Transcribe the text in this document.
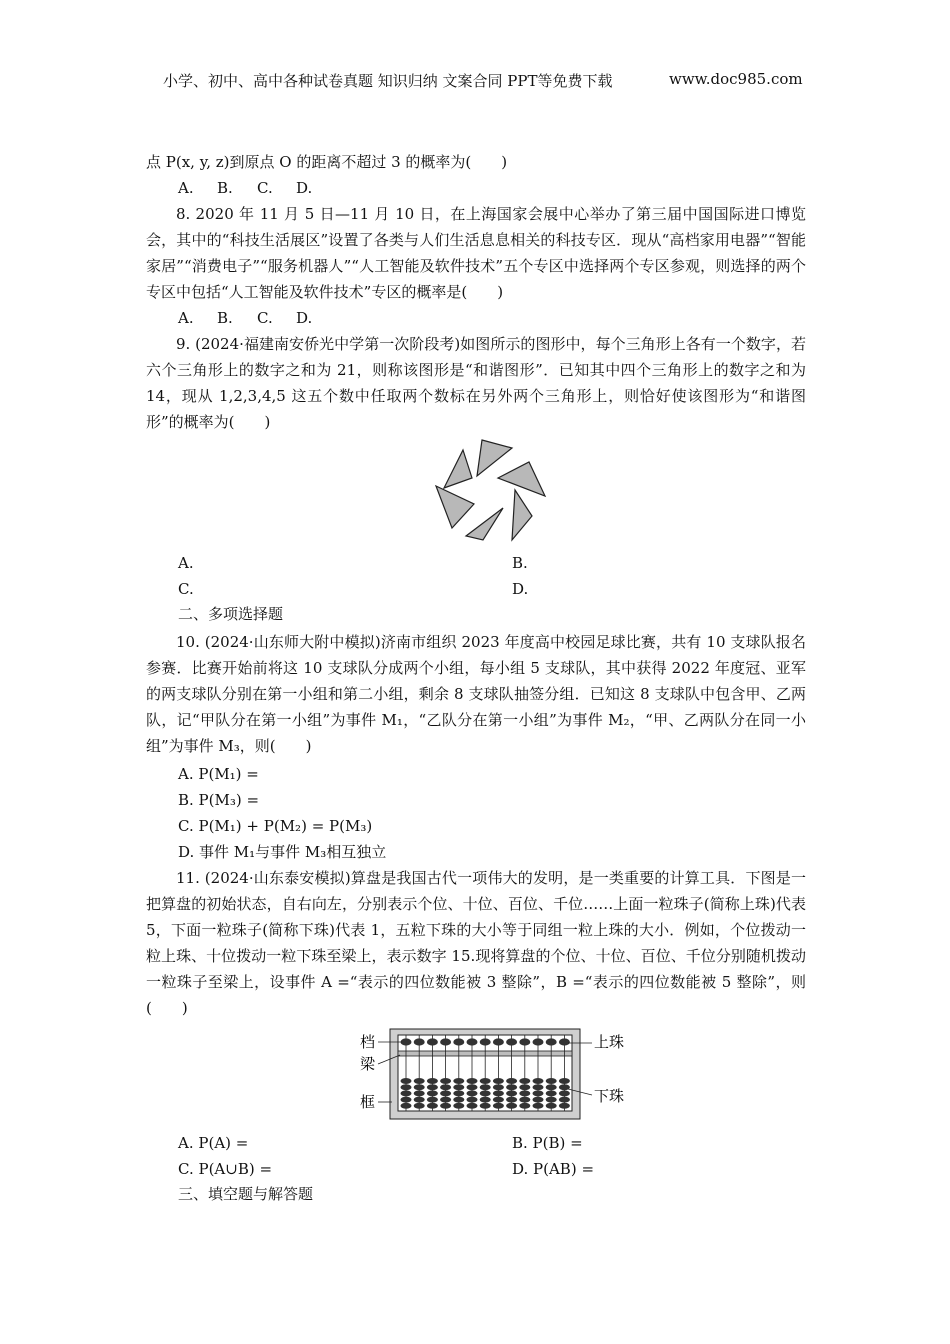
小学、初中、高中各种试卷真题 知识归纳 文案合同 PPT等免费下载	www.doc985.com
点 P(x, y, z)到原点 O 的距离不超过 3 的概率为(　　)
A. B. C. D.
8. 2020 年 11 月 5 日—11 月 10 日，在上海国家会展中心举办了第三届中国国际进口博览会，其中的“科技生活展区”设置了各类与人们生活息息相关的科技专区．现从“高档家用电器”“智能家居”“消费电子”“服务机器人”“人工智能及软件技术”五个专区中选择两个专区参观，则选择的两个专区中包括“人工智能及软件技术”专区的概率是(　　)
A. B. C. D.
9. (2024·福建南安侨光中学第一次阶段考)如图所示的图形中，每个三角形上各有一个数字，若六个三角形上的数字之和为 21，则称该图形是“和谐图形”．已知其中四个三角形上的数字之和为 14，现从 1,2,3,4,5 这五个数中任取两个数标在另外两个三角形上，则恰好使该图形为“和谐图形”的概率为(　　)
A.	B.
C.	D.
二、多项选择题
10. (2024·山东师大附中模拟)济南市组织 2023 年度高中校园足球比赛，共有 10 支球队报名参赛．比赛开始前将这 10 支球队分成两个小组，每小组 5 支球队，其中获得 2022 年度冠、亚军的两支球队分别在第一小组和第二小组，剩余 8 支球队抽签分组．已知这 8 支球队中包含甲、乙两队，记“甲队分在第一小组”为事件 M₁，“乙队分在第一小组”为事件 M₂，“甲、乙两队分在同一小组”为事件 M₃，则(　　)
A. P(M₁) =
B. P(M₃) =
C. P(M₁) + P(M₂) = P(M₃)
D. 事件 M₁与事件 M₃相互独立
11. (2024·山东泰安模拟)算盘是我国古代一项伟大的发明，是一类重要的计算工具．下图是一把算盘的初始状态，自右向左，分别表示个位、十位、百位、千位……上面一粒珠子(简称上珠)代表 5，下面一粒珠子(简称下珠)代表 1，五粒下珠的大小等于同组一粒上珠的大小．例如，个位拨动一粒上珠、十位拨动一粒下珠至梁上，表示数字 15.现将算盘的个位、十位、百位、千位分别随机拨动一粒珠子至梁上，设事件 A =“表示的四位数能被 3 整除”，B =“表示的四位数能被 5 整除”，则(　　)
档
梁
框
上珠
下珠
A. P(A) =	B. P(B) =
C. P(A∪B) =	D. P(AB) =
三、填空题与解答题
